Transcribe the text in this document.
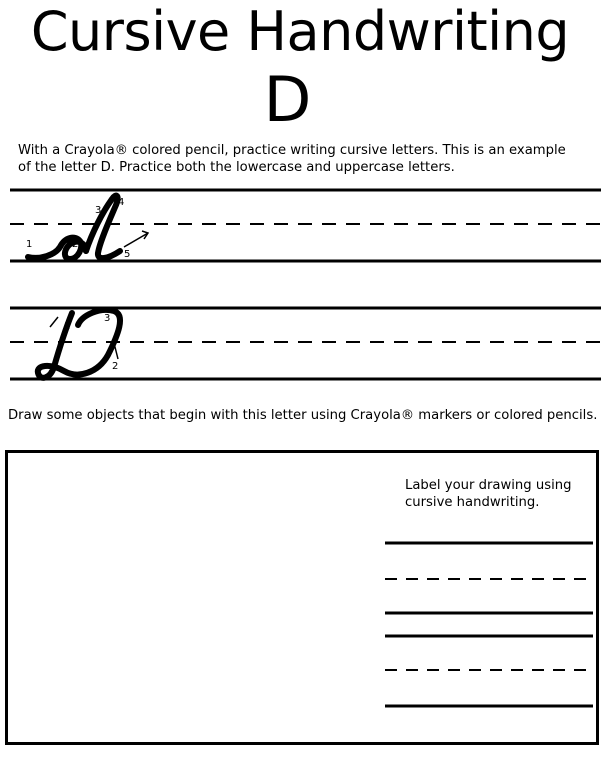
Cursive Handwriting
D
With a Crayola® colored pencil, practice writing cursive letters. This is an example
of the letter D. Practice both the lowercase and uppercase letters.
1	2
3
4
5
1
2
3
Draw some objects that begin with this letter using Crayola® markers or colored pencils.
Label your drawing using
cursive handwriting.
